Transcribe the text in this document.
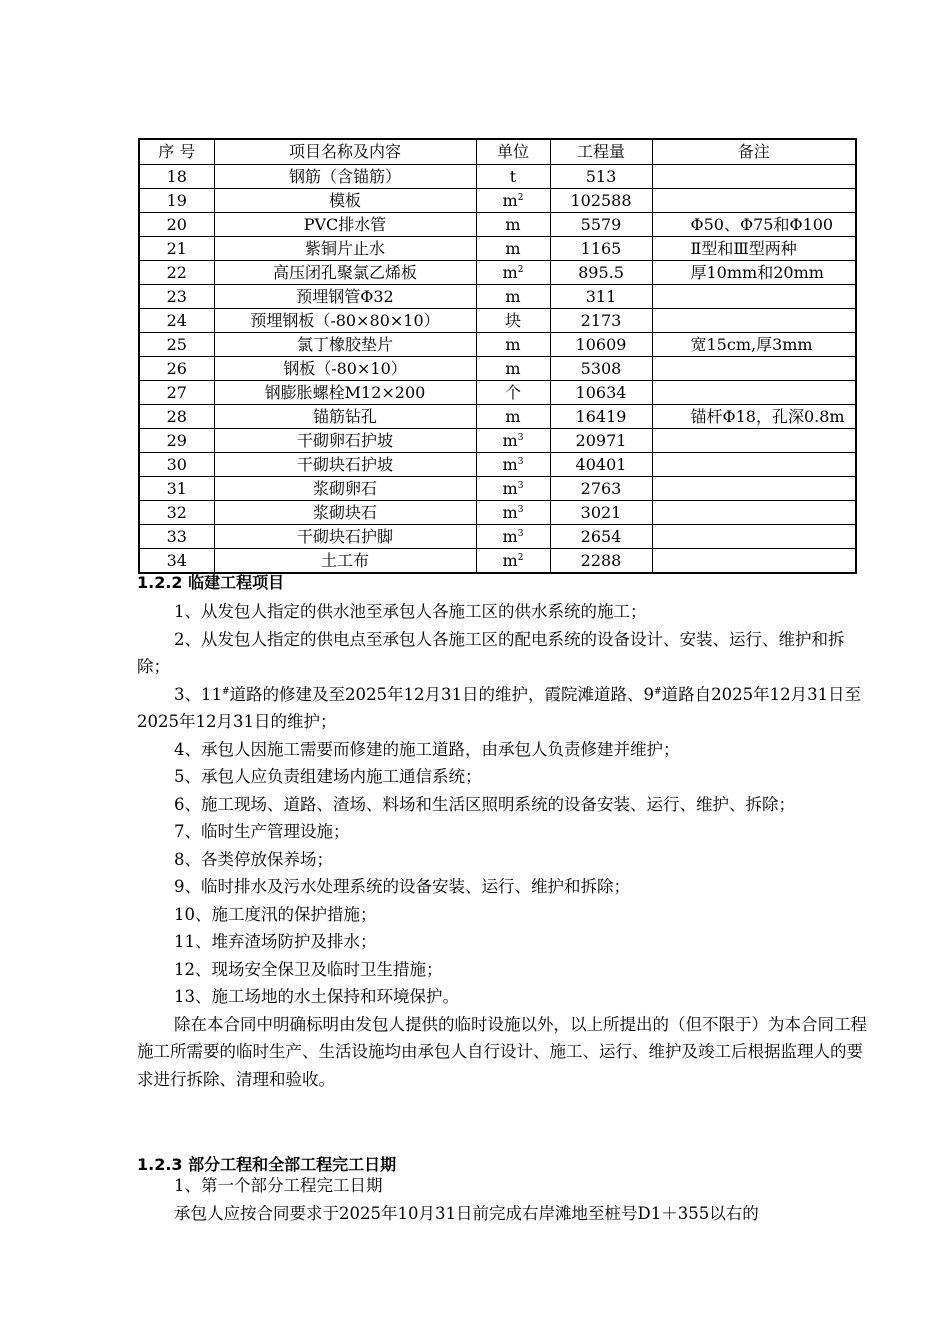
序 号	项目名称及内容	单位	工程量	备注
18	钢筋（含锚筋）	t	513	
19	模板	$m^2$	102588	
20	PVC排水管	m	5579	Φ50、Φ75和Φ100
21	紫铜片止水	m	1165	Ⅱ型和Ⅲ型两种
22	高压闭孔聚氯乙烯板	$m^2$	895.5	厚10mm和20mm
23	预埋钢管Φ32	m	311	
24	预埋钢板（-80×80×10）	块	2173	
25	氯丁橡胶垫片	m	10609	宽15cm,厚3mm
26	钢板（-80×10）	m	5308	
27	钢膨胀螺栓M12×200	个	10634	
28	锚筋钻孔	m	16419	锚杆Φ18，孔深0.8m
29	干砌卵石护坡	$m^3$	20971	
30	干砌块石护坡	$m^3$	40401	
31	浆砌卵石	$m^3$	2763	
32	浆砌块石	$m^3$	3021	
33	干砌块石护脚	$m^3$	2654	
34	土工布	$m^2$	2288	
1.2.2 临建工程项目

1、从发包人指定的供水池至承包人各施工区的供水系统的施工；

2、从发包人指定的供电点至承包人各施工区的配电系统的设备设计、安装、运行、维护和拆除；

3、11#道路的修建及至2025年12月31日的维护，霞院滩道路、9#道路自2025年12月31日至2025年12月31日的维护；

4、承包人因施工需要而修建的施工道路，由承包人负责修建并维护；

5、承包人应负责组建场内施工通信系统；

6、施工现场、道路、渣场、料场和生活区照明系统的设备安装、运行、维护、拆除；

7、临时生产管理设施；

8、各类停放保养场；

9、临时排水及污水处理系统的设备安装、运行、维护和拆除；

10、施工度汛的保护措施；

11、堆弃渣场防护及排水；

12、现场安全保卫及临时卫生措施；

13、施工场地的水土保持和环境保护。

除在本合同中明确标明由发包人提供的临时设施以外，以上所提出的（但不限于）为本合同工程施工所需要的临时生产、生活设施均由承包人自行设计、施工、运行、维护及竣工后根据监理人的要求进行拆除、清理和验收。

1.2.3 部分工程和全部工程完工日期

1、第一个部分工程完工日期

承包人应按合同要求于2025年10月31日前完成右岸滩地至桩号D1＋355以右的
